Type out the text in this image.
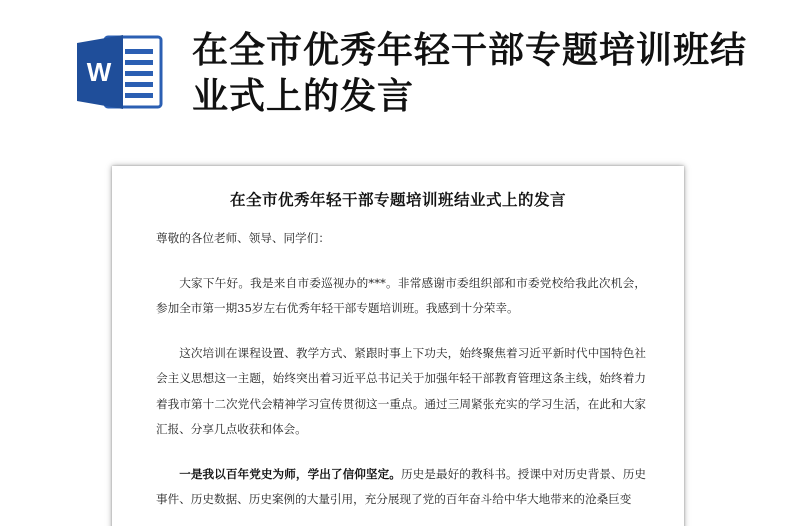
W
在全市优秀年轻干部专题培训班结业式上的发言
在全市优秀年轻干部专题培训班结业式上的发言

尊敬的各位老师、领导、同学们：

大家下午好。我是来自市委巡视办的***。非常感谢市委组织部和市委党校给我此次机会，参加全市第一期35岁左右优秀年轻干部专题培训班。我感到十分荣幸。

这次培训在课程设置、教学方式、紧跟时事上下功夫，始终聚焦着习近平新时代中国特色社会主义思想这一主题，始终突出着习近平总书记关于加强年轻干部教育管理这条主线，始终着力着我市第十二次党代会精神学习宣传贯彻这一重点。通过三周紧张充实的学习生活，在此和大家汇报、分享几点收获和体会。

一是我以百年党史为师，学出了信仰坚定。历史是最好的教科书。授课中对历史背景、历史事件、历史数据、历史案例的大量引用，充分展现了党的百年奋斗给中华大地带来的沧桑巨变
